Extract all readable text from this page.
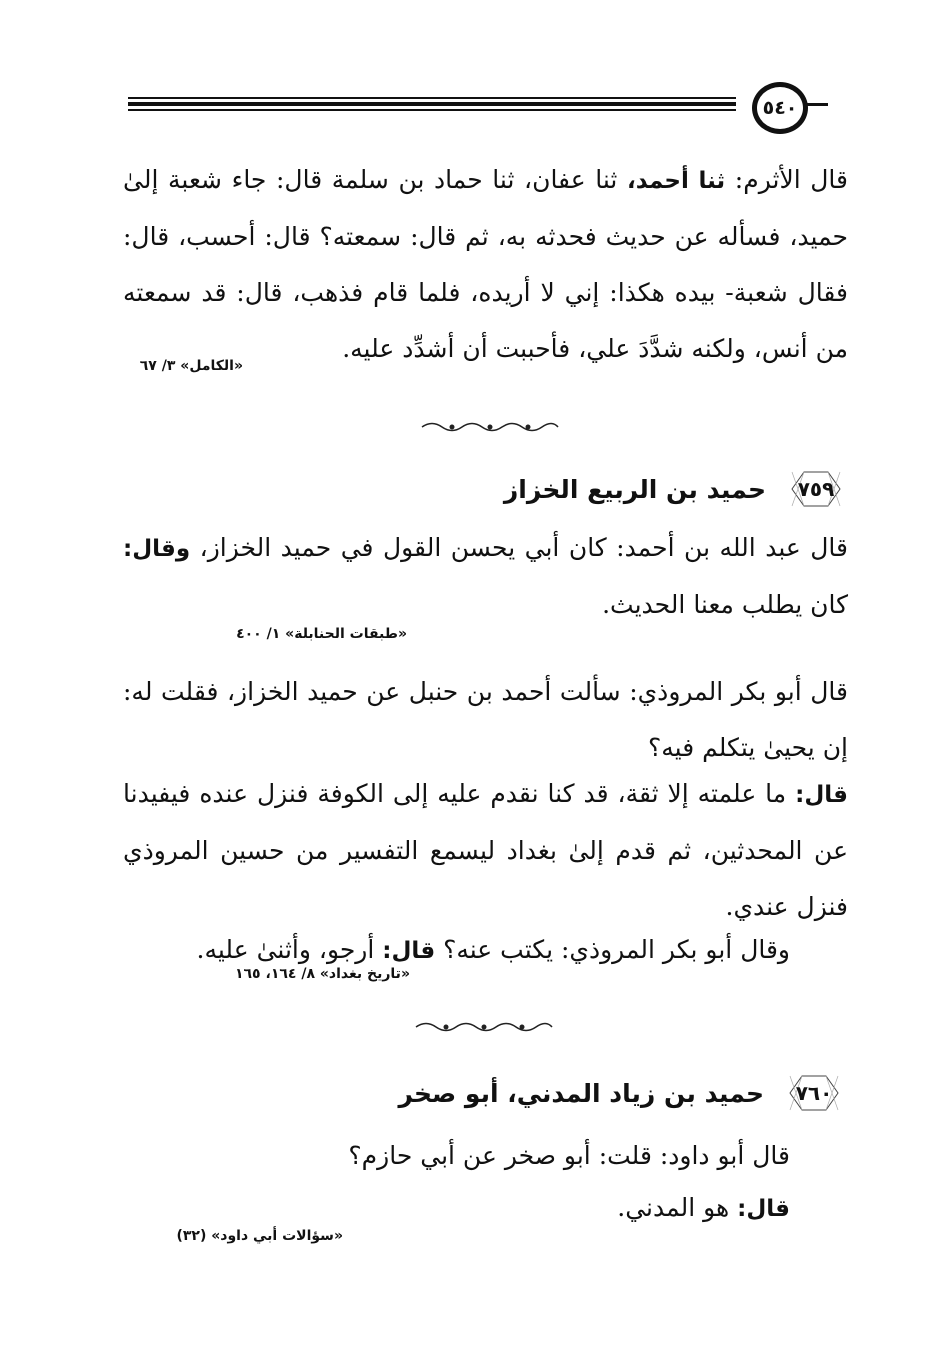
٥٤٠
قال الأثرم: ثنا أحمد، ثنا عفان، ثنا حماد بن سلمة قال: جاء شعبة إلىٰ حميد، فسأله عن حديث فحدثه به، ثم قال: سمعته؟ قال: أحسب، قال: فقال شعبة- بيده هكذا: إني لا أريده، فلما قام فذهب، قال: قد سمعته من أنس، ولكنه شدَّدَ علي، فأحببت أن أشدِّد عليه.
«الكامل» ٣/ ٦٧
٧٥٩
حميد بن الربيع الخزاز
قال عبد الله بن أحمد: كان أبي يحسن القول في حميد الخزاز، وقال: كان يطلب معنا الحديث.
«طبقات الحنابلة» ١/ ٤٠٠
قال أبو بكر المروذي: سألت أحمد بن حنبل عن حميد الخزاز، فقلت له: إن يحيىٰ يتكلم فيه؟
قال: ما علمته إلا ثقة، قد كنا نقدم عليه إلى الكوفة فنزل عنده فيفيدنا عن المحدثين، ثم قدم إلىٰ بغداد ليسمع التفسير من حسين المروذي فنزل عندي.
وقال أبو بكر المروذي: يكتب عنه؟ قال: أرجو، وأثنىٰ عليه.
«تاريخ بغداد» ٨/ ١٦٤، ١٦٥
٧٦٠
حميد بن زياد المدني، أبو صخر
قال أبو داود: قلت: أبو صخر عن أبي حازم؟
قال: هو المدني.
«سؤالات أبي داود» (٣٢)
